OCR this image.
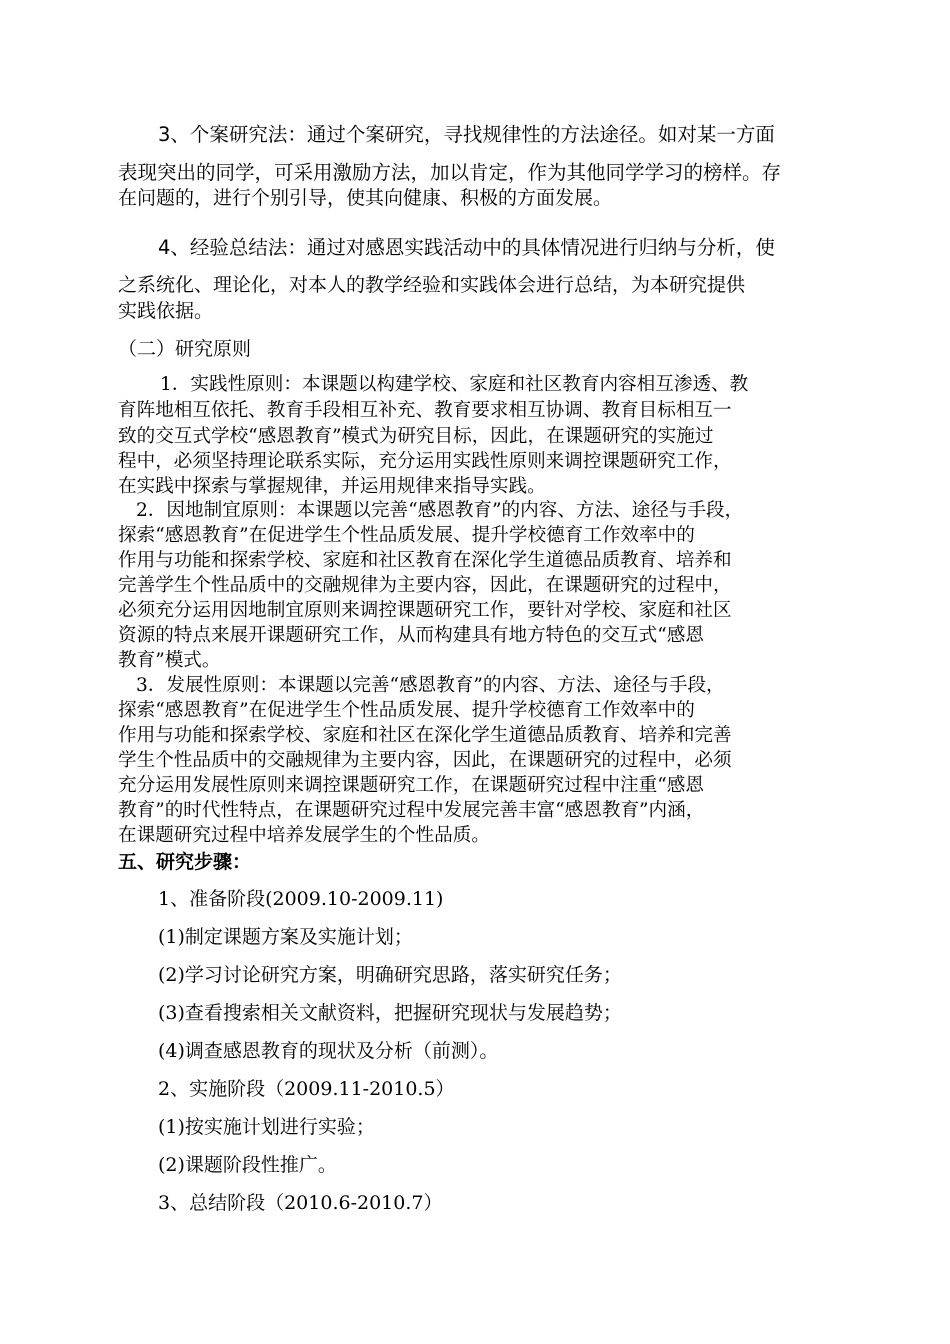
3、个案研究法：通过个案研究，寻找规律性的方法途径。如对某一方面
表现突出的同学，可采用激励方法，加以肯定，作为其他同学学习的榜样。存
在问题的，进行个别引导，使其向健康、积极的方面发展。
4、经验总结法：通过对感恩实践活动中的具体情况进行归纳与分析，使
之系统化、理论化，对本人的教学经验和实践体会进行总结，为本研究提供
实践依据。
（二）研究原则
1．实践性原则：本课题以构建学校、家庭和社区教育内容相互渗透、教
育阵地相互依托、教育手段相互补充、教育要求相互协调、教育目标相互一
致的交互式学校“感恩教育”模式为研究目标，因此，在课题研究的实施过
程中，必须坚持理论联系实际，充分运用实践性原则来调控课题研究工作，
在实践中探索与掌握规律，并运用规律来指导实践。
2．因地制宜原则：本课题以完善“感恩教育”的内容、方法、途径与手段，
探索“感恩教育”在促进学生个性品质发展、提升学校德育工作效率中的
作用与功能和探索学校、家庭和社区教育在深化学生道德品质教育、培养和
完善学生个性品质中的交融规律为主要内容，因此，在课题研究的过程中，
必须充分运用因地制宜原则来调控课题研究工作，要针对学校、家庭和社区
资源的特点来展开课题研究工作，从而构建具有地方特色的交互式“感恩
教育”模式。
3．发展性原则：本课题以完善“感恩教育”的内容、方法、途径与手段，
探索“感恩教育”在促进学生个性品质发展、提升学校德育工作效率中的
作用与功能和探索学校、家庭和社区在深化学生道德品质教育、培养和完善
学生个性品质中的交融规律为主要内容，因此，在课题研究的过程中，必须
充分运用发展性原则来调控课题研究工作，在课题研究过程中注重“感恩
教育”的时代性特点，在课题研究过程中发展完善丰富“感恩教育”内涵，
在课题研究过程中培养发展学生的个性品质。
五、研究步骤：
1、准备阶段(2009.10-2009.11)
(1)制定课题方案及实施计划；
(2)学习讨论研究方案，明确研究思路，落实研究任务；
(3)查看搜索相关文献资料，把握研究现状与发展趋势；
(4)调查感恩教育的现状及分析（前测）。
2、实施阶段（2009.11-2010.5）
(1)按实施计划进行实验；
(2)课题阶段性推广。
3、总结阶段（2010.6-2010.7）
